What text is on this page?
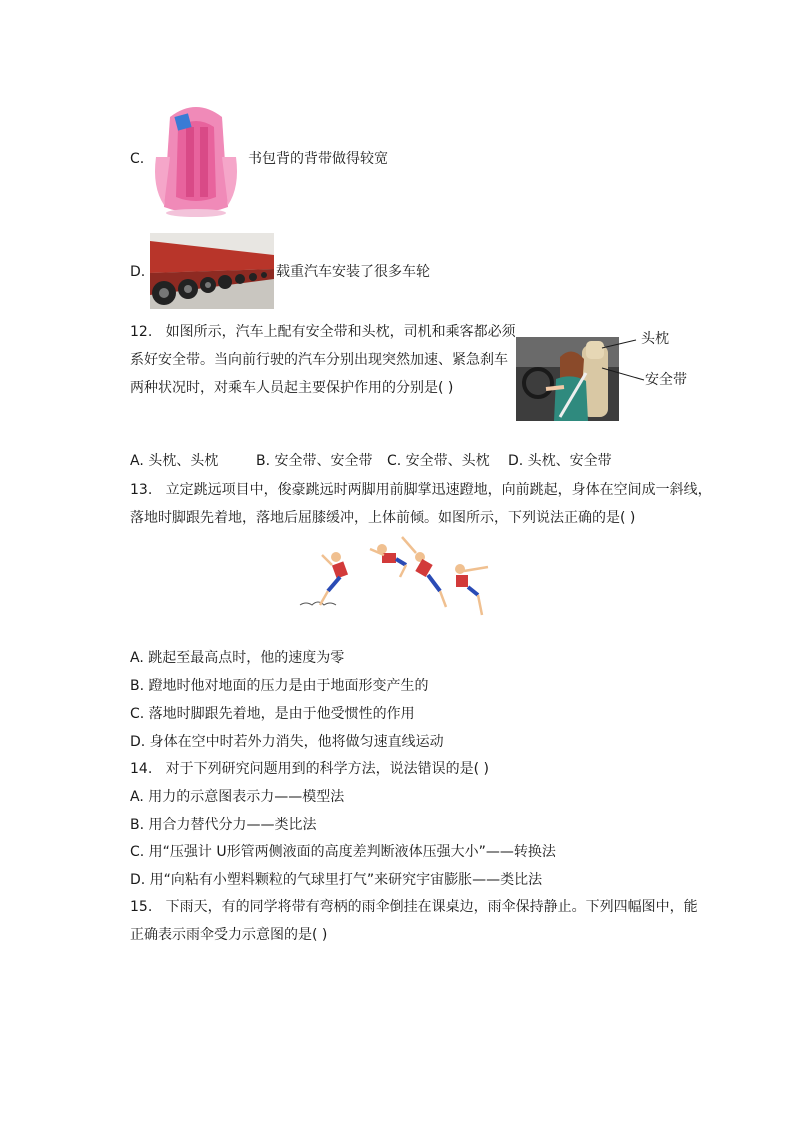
C.	书包背的背带做得较宽
D.	载重汽车安装了很多车轮
12. 如图所示，汽车上配有安全带和头枕，司机和乘客都必须
系好安全带。当向前行驶的汽车分别出现突然加速、紧急刹车
两种状况时，对乘车人员起主要保护作用的分别是( )
头枕
安全带
A. 头枕、头枕	B. 安全带、安全带 C. 安全带、头枕 D. 头枕、安全带
13. 立定跳远项目中，俊豪跳远时两脚用前脚掌迅速蹬地，向前跳起，身体在空间成一斜线，
落地时脚跟先着地，落地后屈膝缓冲，上体前倾。如图所示，下列说法正确的是( )
A. 跳起至最高点时，他的速度为零
B. 蹬地时他对地面的压力是由于地面形变产生的
C. 落地时脚跟先着地，是由于他受惯性的作用
D. 身体在空中时若外力消失，他将做匀速直线运动
14. 对于下列研究问题用到的科学方法，说法错误的是( )
A. 用力的示意图表示力——模型法
B. 用合力替代分力——类比法
C. 用“压强计 U形管两侧液面的高度差判断液体压强大小”——转换法
D. 用“向粘有小塑料颗粒的气球里打气”来研究宇宙膨胀——类比法
15. 下雨天，有的同学将带有弯柄的雨伞倒挂在课桌边，雨伞保持静止。下列四幅图中，能
正确表示雨伞受力示意图的是( )
